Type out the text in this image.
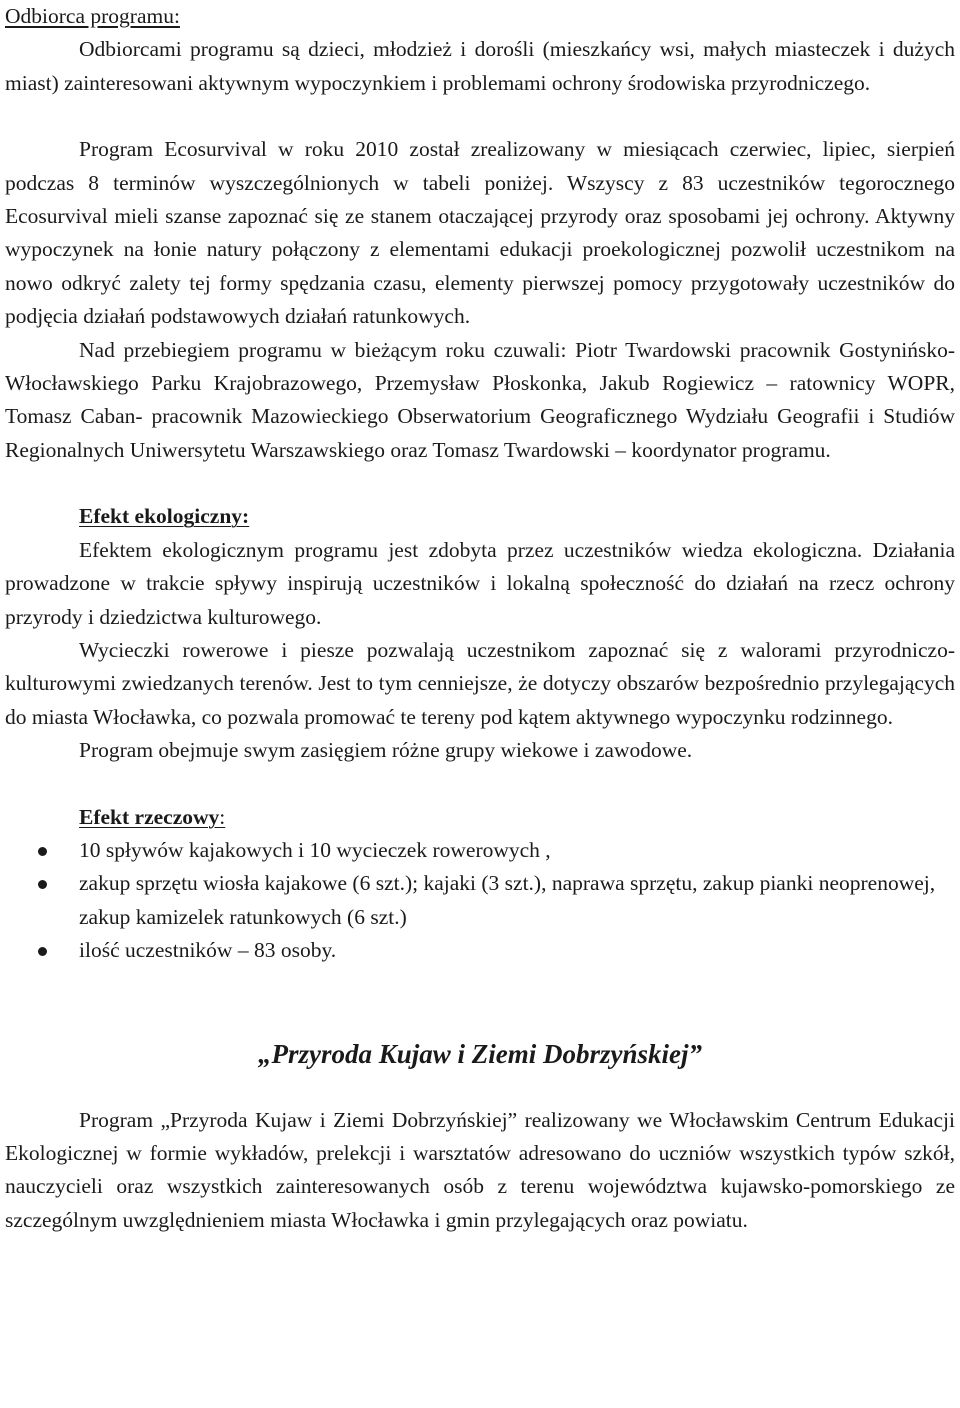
Odbiorca programu:

Odbiorcami programu są dzieci, młodzież i dorośli (mieszkańcy wsi, małych miasteczek i dużych miast) zainteresowani aktywnym wypoczynkiem i problemami ochrony środowiska przyrodniczego.

Program Ecosurvival w roku 2010 został zrealizowany w miesiącach czerwiec, lipiec, sierpień podczas 8 terminów wyszczególnionych w tabeli poniżej. Wszyscy z 83 uczestników tegorocznego Ecosurvival mieli szanse zapoznać się ze stanem otaczającej przyrody oraz sposobami jej ochrony. Aktywny wypoczynek na łonie natury połączony z elementami edukacji proekologicznej pozwolił uczestnikom na nowo odkryć zalety tej formy spędzania czasu, elementy pierwszej pomocy przygotowały uczestników do podjęcia działań podstawowych działań ratunkowych.

Nad przebiegiem programu w bieżącym roku czuwali: Piotr Twardowski pracownik Gostynińsko-Włocławskiego Parku Krajobrazowego, Przemysław Płoskonka, Jakub Rogiewicz – ratownicy WOPR, Tomasz Caban- pracownik Mazowieckiego Obserwatorium Geograficznego Wydziału Geografii i Studiów Regionalnych Uniwersytetu Warszawskiego oraz Tomasz Twardowski – koordynator programu.

Efekt ekologiczny:

Efektem ekologicznym programu jest zdobyta przez uczestników wiedza ekologiczna. Działania prowadzone w trakcie spływy inspirują uczestników i lokalną społeczność do działań na rzecz ochrony przyrody i dziedzictwa kulturowego.

Wycieczki rowerowe i piesze pozwalają uczestnikom zapoznać się z walorami przyrodniczo-kulturowymi zwiedzanych terenów. Jest to tym cenniejsze, że dotyczy obszarów bezpośrednio przylegających do miasta Włocławka, co pozwala promować te tereny pod kątem aktywnego wypoczynku rodzinnego.

Program obejmuje swym zasięgiem różne grupy wiekowe i zawodowe.

Efekt rzeczowy:

10 spływów kajakowych i 10 wycieczek rowerowych ,
zakup sprzętu wiosła kajakowe (6 szt.); kajaki (3 szt.), naprawa sprzętu, zakup pianki neoprenowej, zakup kamizelek ratunkowych (6 szt.)
ilość uczestników – 83 osoby.

„Przyroda Kujaw i Ziemi Dobrzyńskiej”

Program „Przyroda Kujaw i Ziemi Dobrzyńskiej” realizowany we Włocławskim Centrum Edukacji Ekologicznej w formie wykładów, prelekcji i warsztatów adresowano do uczniów wszystkich typów szkół, nauczycieli oraz wszystkich zainteresowanych osób z terenu województwa kujawsko-pomorskiego ze szczególnym uwzględnieniem miasta Włocławka i gmin przylegających oraz powiatu.
